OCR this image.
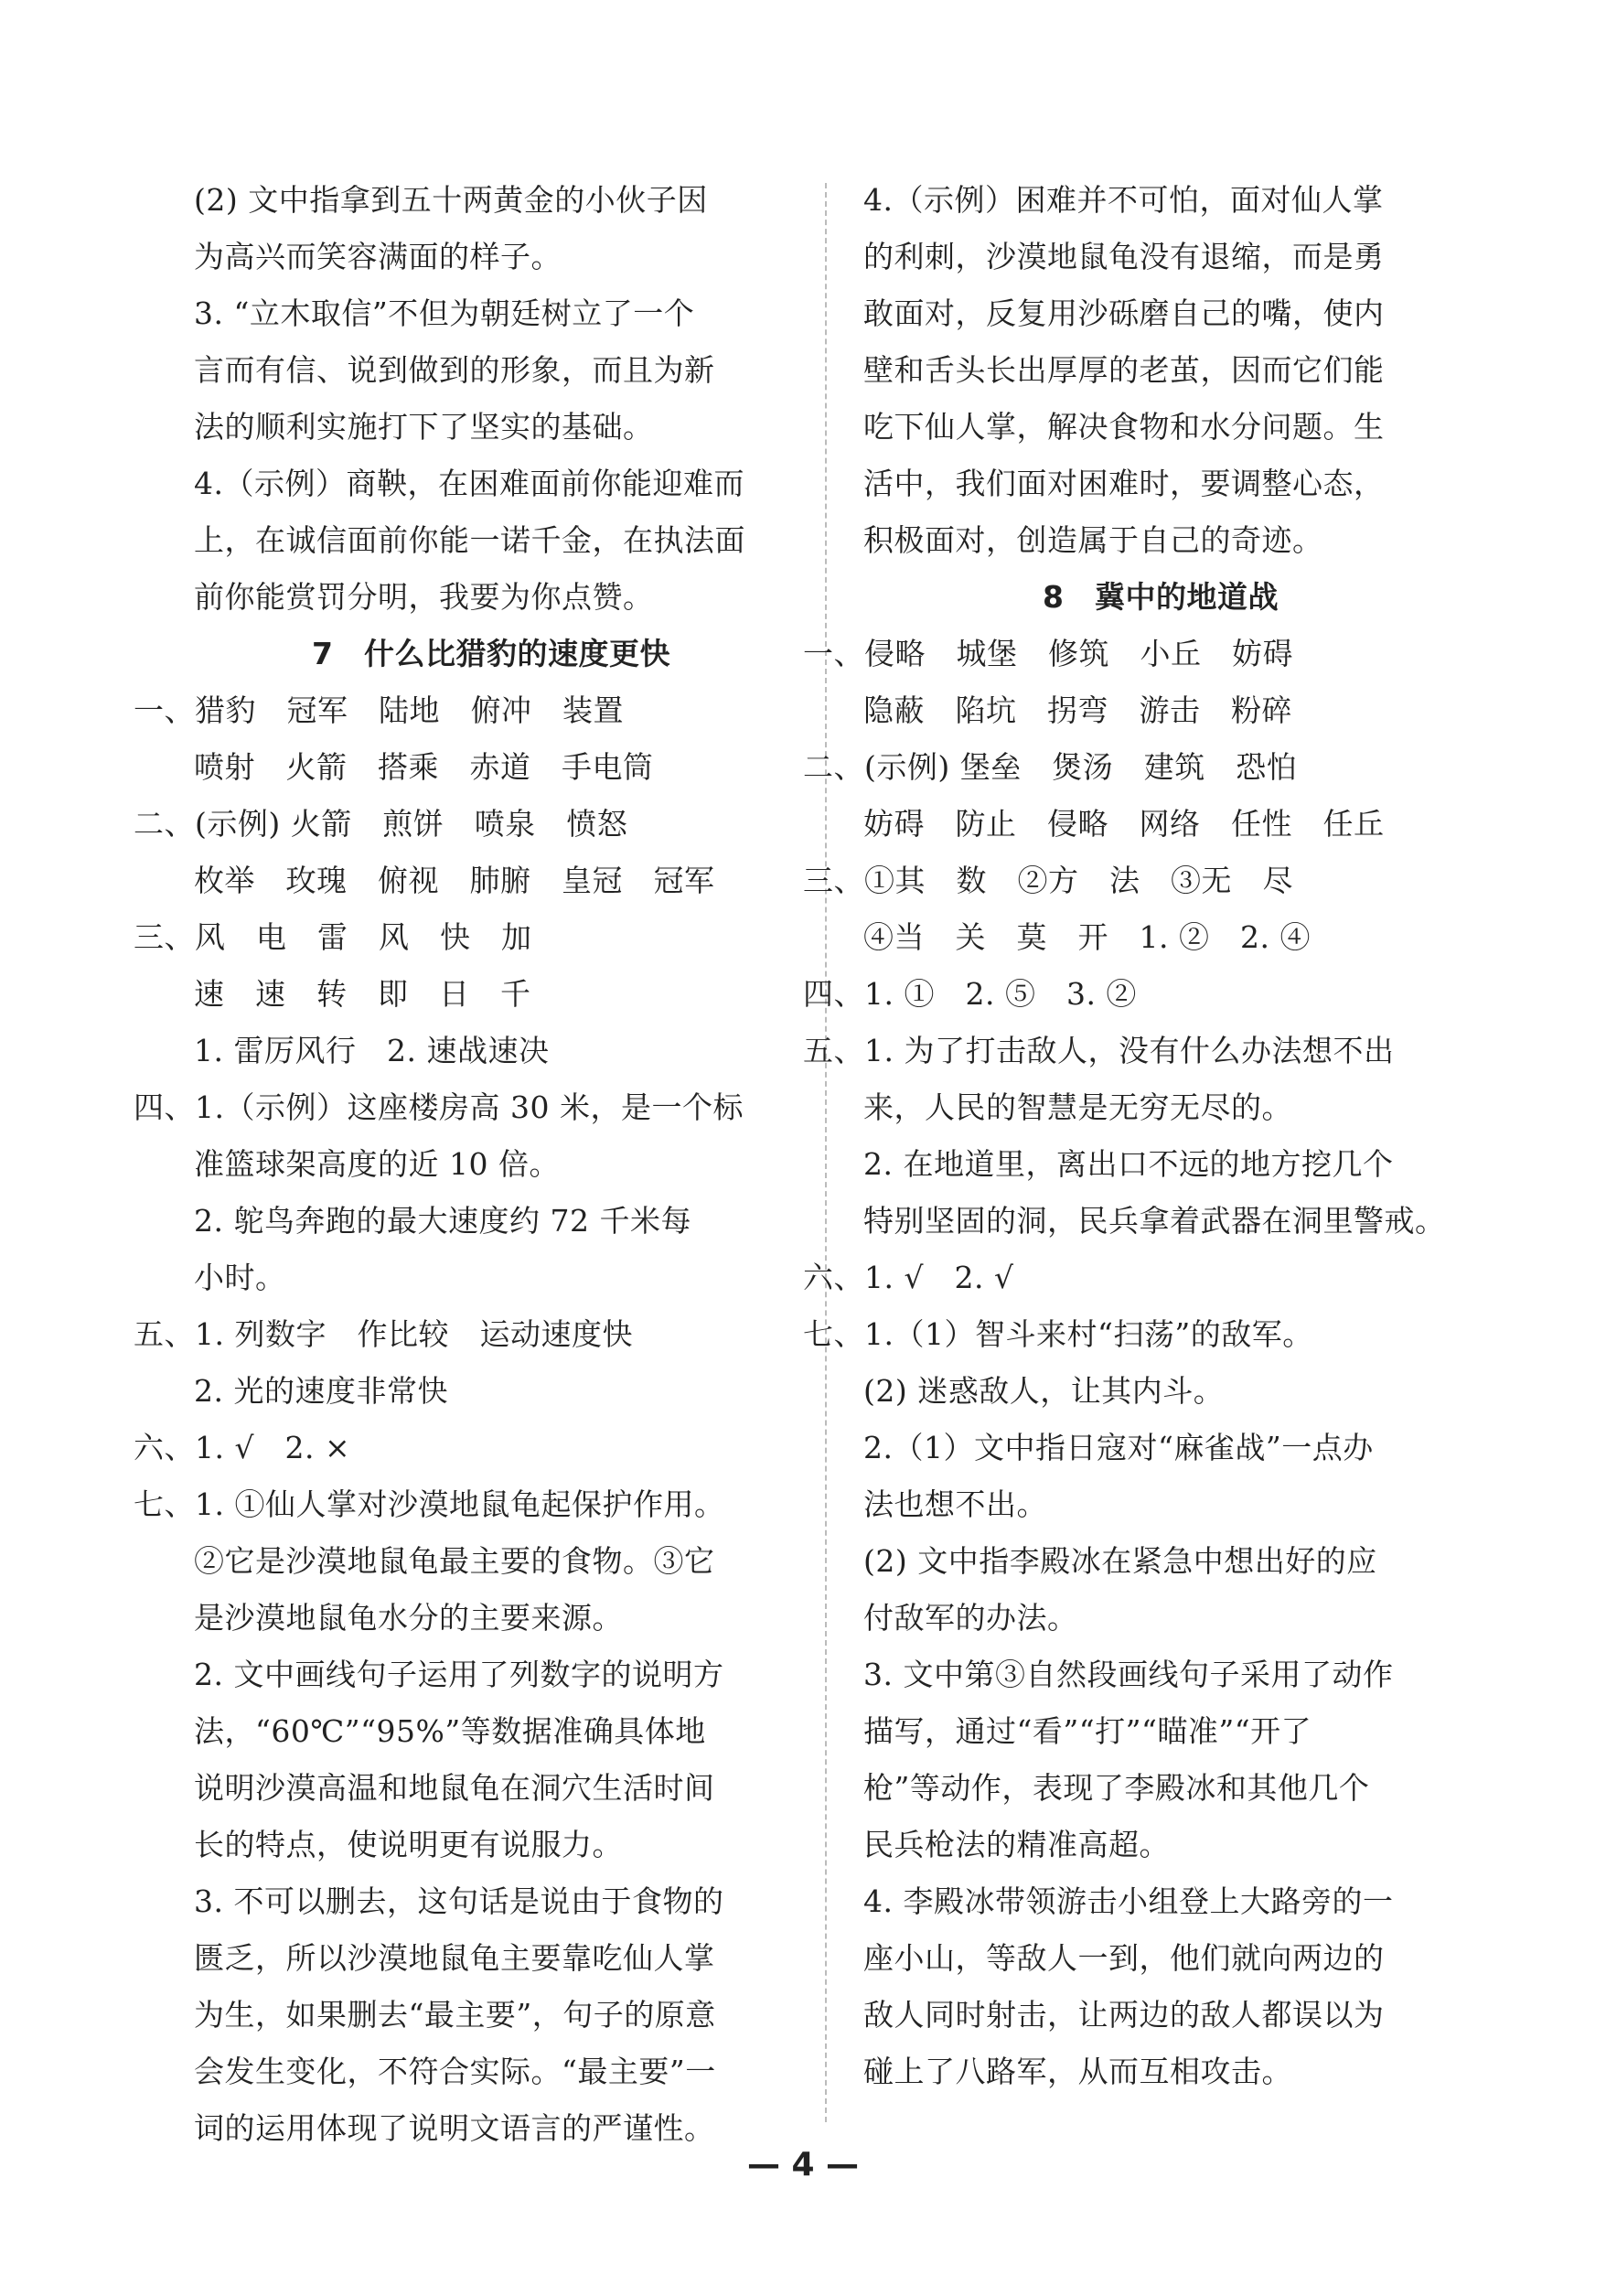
(2) 文中指拿到五十两黄金的小伙子因
为高兴而笑容满面的样子。
3. “立木取信”不但为朝廷树立了一个
言而有信、说到做到的形象，而且为新
法的顺利实施打下了坚实的基础。
4.（示例）商鞅，在困难面前你能迎难而
上，在诚信面前你能一诺千金，在执法面
前你能赏罚分明，我要为你点赞。
7　什么比猎豹的速度更快
一、猎豹　冠军　陆地　俯冲　装置
喷射　火箭　搭乘　赤道　手电筒
二、(示例) 火箭　煎饼　喷泉　愤怒
枚举　玫瑰　俯视　肺腑　皇冠　冠军
三、风　电　雷　风　快　加
速　速　转　即　日　千
1. 雷厉风行　2. 速战速决
四、1.（示例）这座楼房高 30 米，是一个标
准篮球架高度的近 10 倍。
2. 鸵鸟奔跑的最大速度约 72 千米每
小时。
五、1. 列数字　作比较　运动速度快
2. 光的速度非常快
六、1. √　2. ×
七、1. ①仙人掌对沙漠地鼠龟起保护作用。
②它是沙漠地鼠龟最主要的食物。③它
是沙漠地鼠龟水分的主要来源。
2. 文中画线句子运用了列数字的说明方
法，“60℃”“95%”等数据准确具体地
说明沙漠高温和地鼠龟在洞穴生活时间
长的特点，使说明更有说服力。
3. 不可以删去，这句话是说由于食物的
匮乏，所以沙漠地鼠龟主要靠吃仙人掌
为生，如果删去“最主要”，句子的原意
会发生变化，不符合实际。“最主要”一
词的运用体现了说明文语言的严谨性。
4.（示例）困难并不可怕，面对仙人掌
的利刺，沙漠地鼠龟没有退缩，而是勇
敢面对，反复用沙砾磨自己的嘴，使内
壁和舌头长出厚厚的老茧，因而它们能
吃下仙人掌，解决食物和水分问题。生
活中，我们面对困难时，要调整心态，
积极面对，创造属于自己的奇迹。
8　冀中的地道战
一、侵略　城堡　修筑　小丘　妨碍
隐蔽　陷坑　拐弯　游击　粉碎
二、(示例) 堡垒　煲汤　建筑　恐怕
妨碍　防止　侵略　网络　任性　任丘
三、①其　数　②方　法　③无　尽
④当　关　莫　开　1. ②　2. ④
四、1. ①　2. ⑤　3. ②
五、1. 为了打击敌人，没有什么办法想不出
来，人民的智慧是无穷无尽的。
2. 在地道里，离出口不远的地方挖几个
特别坚固的洞，民兵拿着武器在洞里警戒。
六、1. √　2. √
七、1.（1）智斗来村“扫荡”的敌军。
(2) 迷惑敌人，让其内斗。
2.（1）文中指日寇对“麻雀战”一点办
法也想不出。
(2) 文中指李殿冰在紧急中想出好的应
付敌军的办法。
3. 文中第③自然段画线句子采用了动作
描写，通过“看”“打”“瞄准”“开了
枪”等动作，表现了李殿冰和其他几个
民兵枪法的精准高超。
4. 李殿冰带领游击小组登上大路旁的一
座小山，等敌人一到，他们就向两边的
敌人同时射击，让两边的敌人都误以为
碰上了八路军，从而互相攻击。
— 4 —
